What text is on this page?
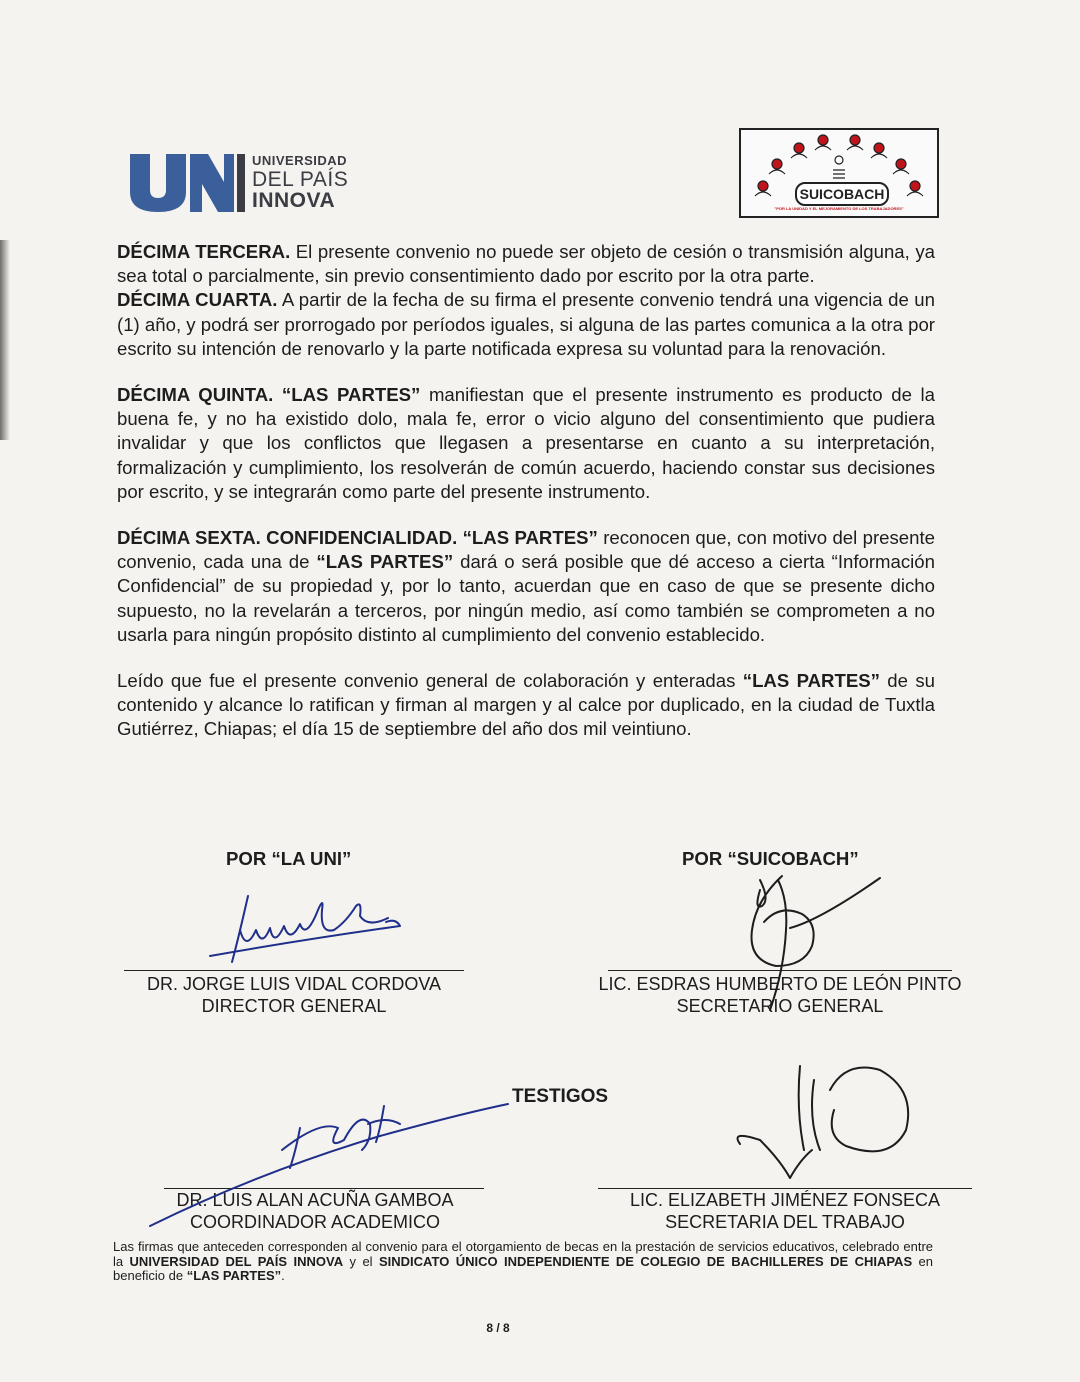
UNIVERSIDAD
DEL PAÍS
INNOVA	SUICOBACH
"POR LA UNIDAD Y EL MEJORAMIENTO DE LOS TRABAJADORES"

DÉCIMA TERCERA. El presente convenio no puede ser objeto de cesión o transmisión alguna, ya sea total o parcialmente, sin previo consentimiento dado por escrito por la otra parte.

DÉCIMA CUARTA. A partir de la fecha de su firma el presente convenio tendrá una vigencia de un (1) año, y podrá ser prorrogado por períodos iguales, si alguna de las partes comunica a la otra por escrito su intención de renovarlo y la parte notificada expresa su voluntad para la renovación.

DÉCIMA QUINTA. “LAS PARTES” manifiestan que el presente instrumento es producto de la buena fe, y no ha existido dolo, mala fe, error o vicio alguno del consentimiento que pudiera invalidar y que los conflictos que llegasen a presentarse en cuanto a su interpretación, formalización y cumplimiento, los resolverán de común acuerdo, haciendo constar sus decisiones por escrito, y se integrarán como parte del presente instrumento.

DÉCIMA SEXTA. CONFIDENCIALIDAD. “LAS PARTES” reconocen que, con motivo del presente convenio, cada una de “LAS PARTES” dará o será posible que dé acceso a cierta “Información Confidencial” de su propiedad y, por lo tanto, acuerdan que en caso de que se presente dicho supuesto, no la revelarán a terceros, por ningún medio, así como también se comprometen a no usarla para ningún propósito distinto al cumplimiento del convenio establecido.

Leído que fue el presente convenio general de colaboración y enteradas “LAS PARTES” de su contenido y alcance lo ratifican y firman al margen y al calce por duplicado, en la ciudad de Tuxtla Gutiérrez, Chiapas; el día 15 de septiembre del año dos mil veintiuno.

POR “LA UNI”	POR “SUICOBACH”
DR. JORGE LUIS VIDAL CORDOVA
DIRECTOR GENERAL
LIC. ESDRAS HUMBERTO DE LEÓN PINTO
SECRETARIO GENERAL
TESTIGOS
DR. LUIS ALAN ACUÑA GAMBOA
COORDINADOR ACADEMICO
LIC. ELIZABETH JIMÉNEZ FONSECA
SECRETARIA DEL TRABAJO
Las firmas que anteceden corresponden al convenio para el otorgamiento de becas en la prestación de servicios educativos, celebrado entre la UNIVERSIDAD DEL PAÍS INNOVA y el SINDICATO ÚNICO INDEPENDIENTE DE COLEGIO DE BACHILLERES DE CHIAPAS en beneficio de “LAS PARTES”.
8 / 8
